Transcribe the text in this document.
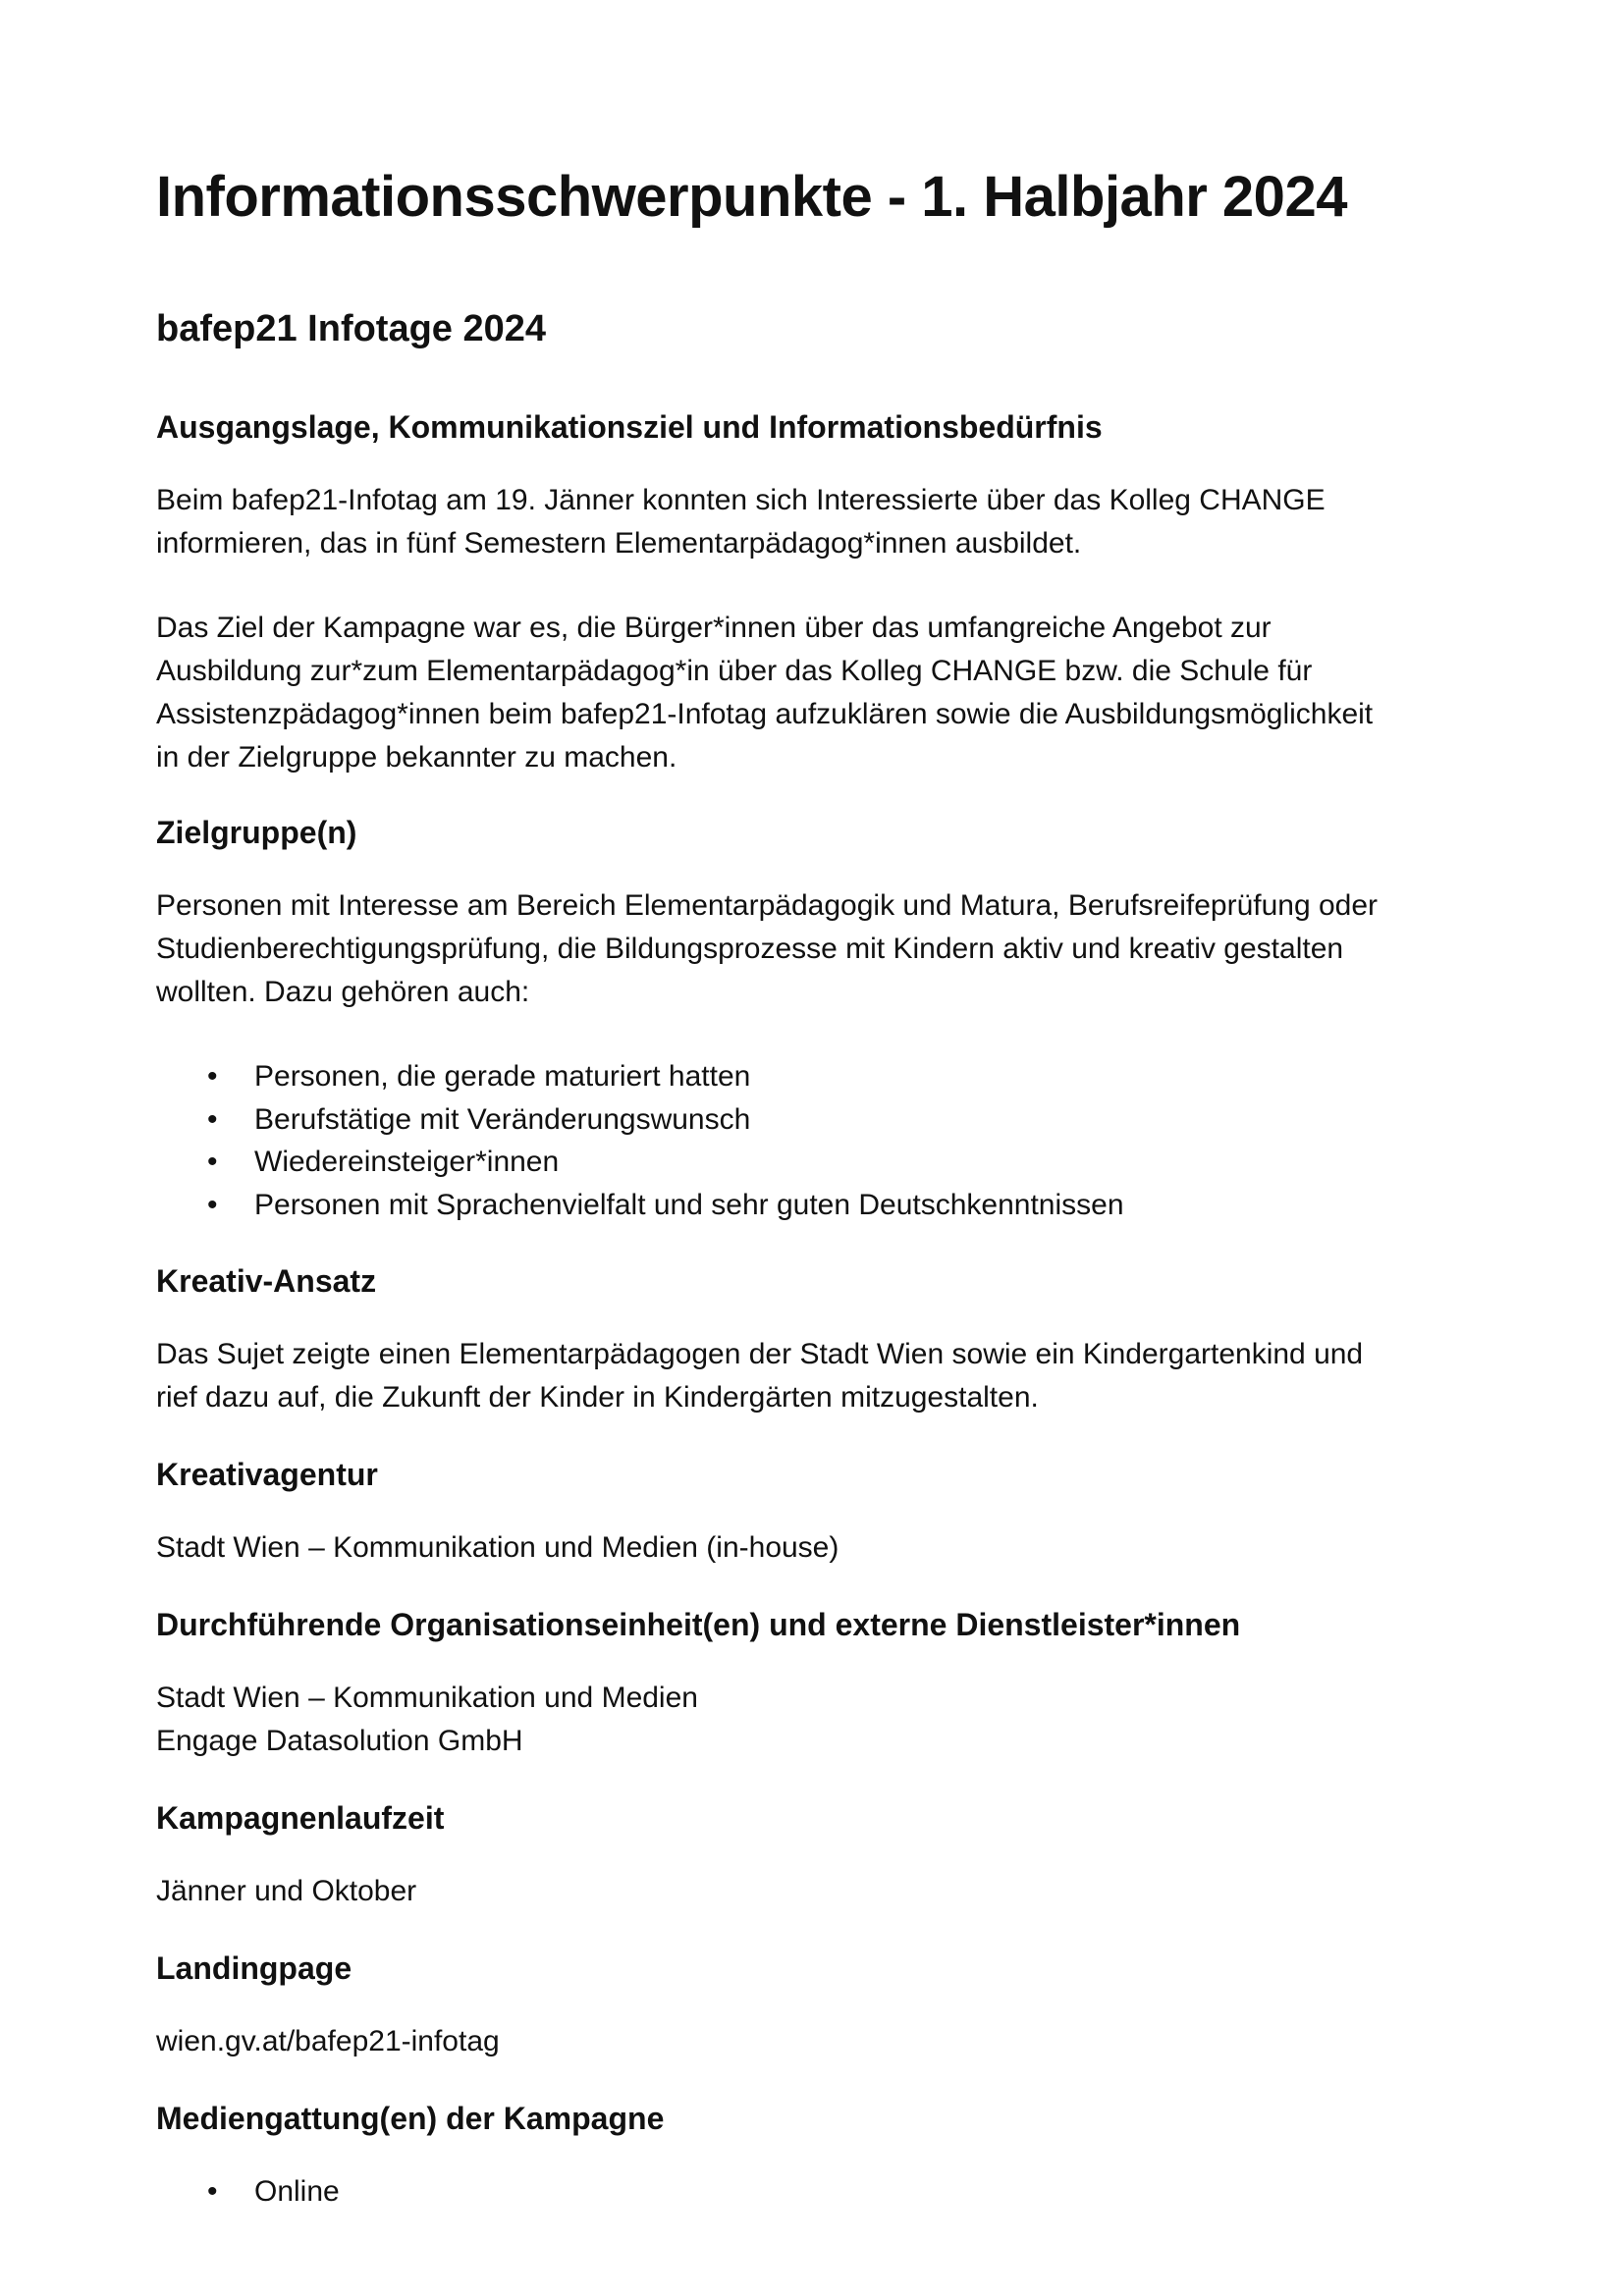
Informationsschwerpunkte - 1. Halbjahr 2024
bafep21 Infotage 2024
Ausgangslage, Kommunikationsziel und Informationsbedürfnis
Beim bafep21-Infotag am 19. Jänner konnten sich Interessierte über das Kolleg CHANGE
informieren, das in fünf Semestern Elementarpädagog*innen ausbildet.
Das Ziel der Kampagne war es, die Bürger*innen über das umfangreiche Angebot zur
Ausbildung zur*zum Elementarpädagog*in über das Kolleg CHANGE bzw. die Schule für
Assistenzpädagog*innen beim bafep21-Infotag aufzuklären sowie die Ausbildungsmöglichkeit
in der Zielgruppe bekannter zu machen.
Zielgruppe(n)
Personen mit Interesse am Bereich Elementarpädagogik und Matura, Berufsreifeprüfung oder
Studienberechtigungsprüfung, die Bildungsprozesse mit Kindern aktiv und kreativ gestalten
wollten. Dazu gehören auch:
• Personen, die gerade maturiert hatten
• Berufstätige mit Veränderungswunsch
• Wiedereinsteiger*innen
• Personen mit Sprachenvielfalt und sehr guten Deutschkenntnissen
Kreativ-Ansatz
Das Sujet zeigte einen Elementarpädagogen der Stadt Wien sowie ein Kindergartenkind und
rief dazu auf, die Zukunft der Kinder in Kindergärten mitzugestalten.
Kreativagentur
Stadt Wien – Kommunikation und Medien (in-house)
Durchführende Organisationseinheit(en) und externe Dienstleister*innen
Stadt Wien – Kommunikation und Medien
Engage Datasolution GmbH
Kampagnenlaufzeit
Jänner und Oktober
Landingpage
wien.gv.at/bafep21-infotag
Mediengattung(en) der Kampagne
• Online
